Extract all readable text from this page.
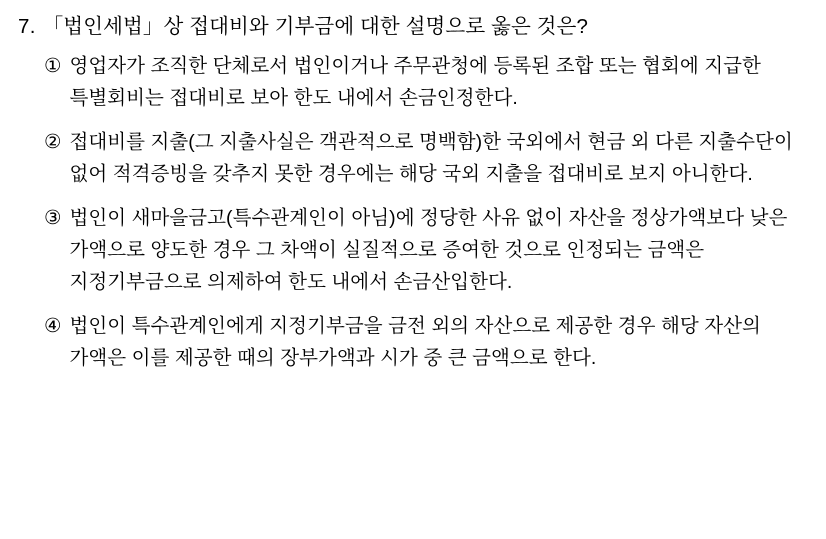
7. 「법인세법」상 접대비와 기부금에 대한 설명으로 옳은 것은?
① 영업자가 조직한 단체로서 법인이거나 주무관청에 등록된 조합 또는 협회에 지급한 특별회비는 접대비로 보아 한도 내에서 손금인정한다.
② 접대비를 지출(그 지출사실은 객관적으로 명백함)한 국외에서 현금 외 다른 지출수단이 없어 적격증빙을 갖추지 못한 경우에는 해당 국외 지출을 접대비로 보지 아니한다.
③ 법인이 새마을금고(특수관계인이 아님)에 정당한 사유 없이 자산을 정상가액보다 낮은 가액으로 양도한 경우 그 차액이 실질적으로 증여한 것으로 인정되는 금액은 지정기부금으로 의제하여 한도 내에서 손금산입한다.
④ 법인이 특수관계인에게 지정기부금을 금전 외의 자산으로 제공한 경우 해당 자산의 가액은 이를 제공한 때의 장부가액과 시가 중 큰 금액으로 한다.
